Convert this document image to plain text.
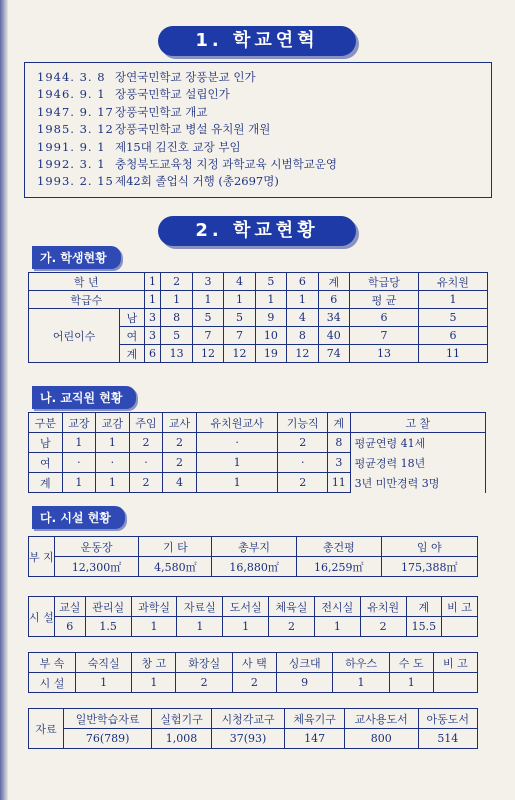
1. 학교연혁
1944. 3. 8 장연국민학교 장풍분교 인가
1946. 9. 1 장풍국민학교 설립인가
1947. 9. 17 장풍국민학교 개교
1985. 3. 12 장풍국민학교 병설 유치원 개원
1991. 9. 1 제15대 김진호 교장 부임
1992. 3. 1 충청북도교육청 지정 과학교육 시범학교운영
1993. 2. 15 제42회 졸업식 거행 (총2697명)
2. 학교현황
가. 학생현황
학 년		1	2	3	4	5	6	계	학급당	유치원
학급수		1	1	1	1	1	1	6	평 균	1
어린이수	남	3	8	5	5	9	4	34	6	5
	여	3	5	7	7	10	8	40	7	6
	계	6	13	12	12	19	12	74	13	11
나. 교직원 현황
구분	교장	교감	주임	교사	유치원교사	기능직	계	고 찰
남	1	1	2	2	·	2	8	평균연령 41세
여	·	·	·	2	1	·	3	평균경력 18년
계	1	1	2	4	1	2	11	3년 미만경력 3명
다. 시설 현황
부 지	운동장	기 타	총부지	총건평	임 야
	12,300㎡	4,580㎡	16,880㎡	16,259㎡	175,388㎡
시 설	교실	관리실	과학실	자료실	도서실	체육실	전시실	유치원	계	비 고
	6	1.5	1	1	1	2	1	2	15.5	
부 속	숙직실	창 고	화장실	사 택	싱크대	하우스	수 도	비 고
시 설	1	1	2	2	9	1	1	
자료	일반학습자료	실험기구	시청각교구	체육기구	교사용도서	아동도서
	76(789)	1,008	37(93)	147	800	514
